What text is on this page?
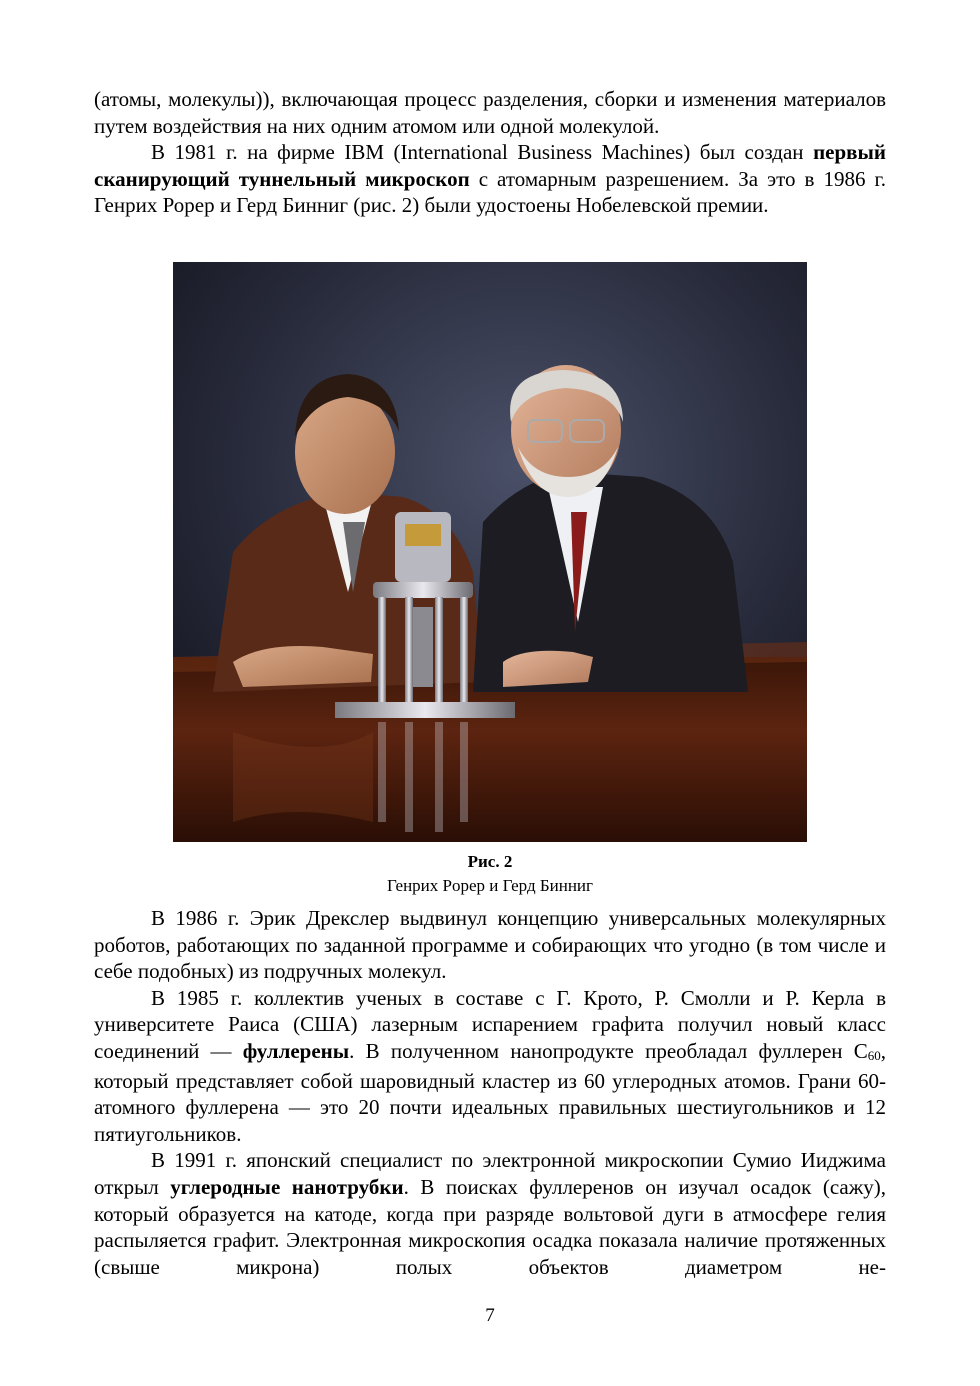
(атомы, молекулы)), включающая процесс разделения, сборки и изменения материалов путем воздействия на них одним атомом или одной молекулой.

В 1981 г. на фирме IBM (International Business Machines) был создан первый сканирующий туннельный микроскоп с атомарным разрешением. За это в 1986 г. Генрих Рорер и Герд Бинниг (рис. 2) были удостоены Нобелевской премии.

Рис. 2
Генрих Popep и Герд Бинниг

В 1986 г. Эрик Дрекслер выдвинул концепцию универсальных молекулярных роботов, работающих по заданной программе и собирающих что угодно (в том числе и себе подобных) из подручных молекул.

В 1985 г. коллектив ученых в составе с Г. Крото, Р. Смолли и Р. Керла в университете Раиса (США) лазерным испарением графита получил новый класс соединений — фуллерены. В полученном нанопродукте преобладал фуллерен $C_{60}$, который представляет собой шаровидный кластер из 60 углеродных атомов. Грани 60-атомного фуллерена — это 20 почти идеальных правильных шестиугольников и 12 пятиугольников.

В 1991 г. японский специалист по электронной микроскопии Сумио Ииджима открыл углеродные нанотрубки. В поисках фуллеренов он изучал осадок (сажу), который образуется на катоде, когда при разряде вольтовой дуги в атмосфере гелия распыляется графит. Электронная микроскопия осадка показала наличие протяженных (свыше микрона) полых объектов диаметром не-

7
